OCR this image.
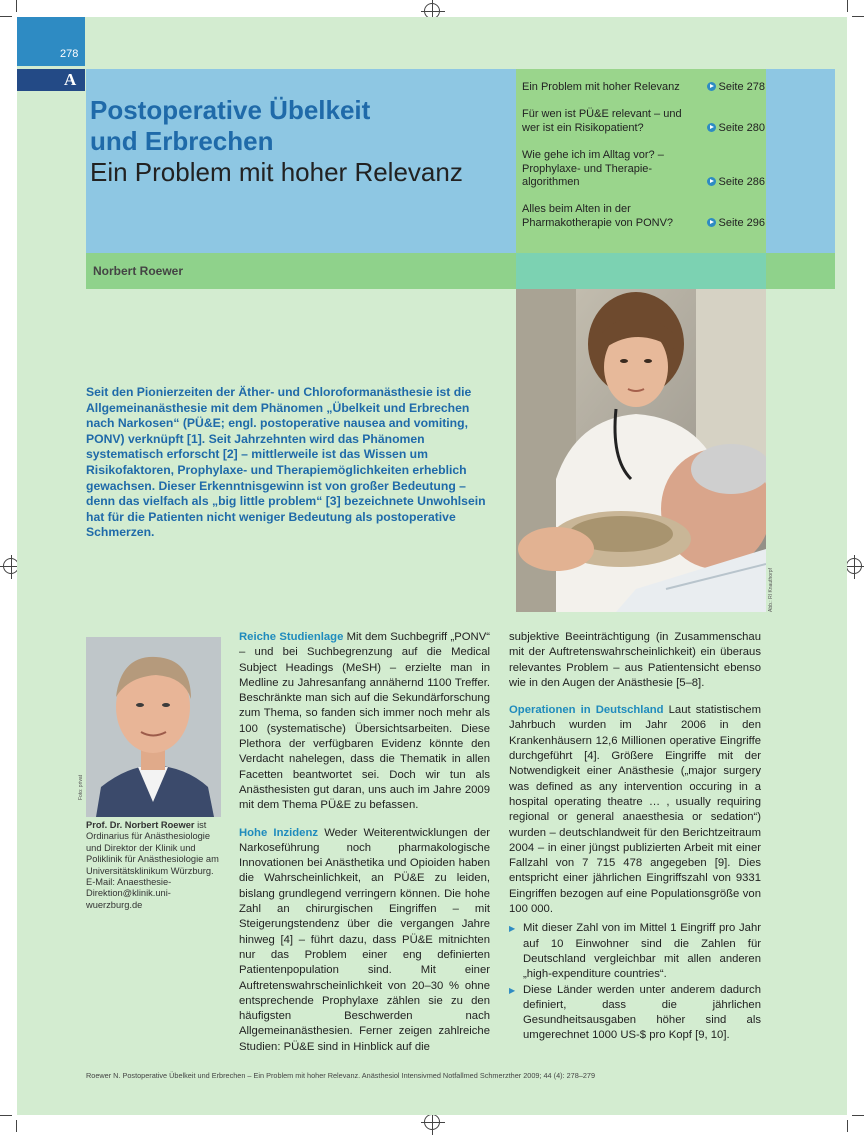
278
A
Postoperative Übelkeit
und Erbrechen
Ein Problem mit hoher Relevanz
Ein Problem mit hoher Relevanz	Seite 278
Für wen ist PÜ&E relevant – und wer ist ein Risikopatient?	Seite 280
Wie gehe ich im Alltag vor? – Prophylaxe- und Therapie-algorithmen	Seite 286
Alles beim Alten in der Pharmakotherapie von PONV?	Seite 296
Norbert Roewer
Abb.: RI Knauthorpf
Seit den Pionierzeiten der Äther- und Chloroformanästhesie ist die Allgemeinanästhesie mit dem Phänomen „Übelkeit und Erbrechen nach Narkosen“ (PÜ&E; engl. postoperative nausea and vomiting, PONV) verknüpft [1]. Seit Jahrzehnten wird das Phänomen systematisch erforscht [2] – mittlerweile ist das Wissen um Risikofaktoren, Prophylaxe- und Therapiemöglichkeiten erheblich gewachsen. Dieser Erkenntnisgewinn ist von großer Bedeutung – denn das vielfach als „big little problem“ [3] bezeichnete Unwohlsein hat für die Patienten nicht weniger Bedeutung als postoperative Schmerzen.
Foto: privat
Prof. Dr. Norbert Roewer ist Ordinarius für Anästhesiologie und Direktor der Klinik und Poliklinik für Anästhesiologie am Universitätsklinikum Würzburg. E-Mail: Anaesthesie-Direktion@klinik.uni-wuerzburg.de

Reiche Studienlage Mit dem Suchbegriff „PONV“ – und bei Suchbegrenzung auf die Medical Subject Headings (MeSH) – erzielte man in Medline zu Jahresanfang annähernd 1100 Treffer. Beschränkte man sich auf die Sekundärforschung zum Thema, so fanden sich immer noch mehr als 100 (systematische) Übersichtsarbeiten. Diese Plethora der verfügbaren Evidenz könnte den Verdacht nahelegen, dass die Thematik in allen Facetten beantwortet sei. Doch wir tun als Anästhesisten gut daran, uns auch im Jahre 2009 mit dem Thema PÜ&E zu befassen.

Hohe Inzidenz Weder Weiterentwicklungen der Narkoseführung noch pharmakologische Innovationen bei Anästhetika und Opioiden haben die Wahrscheinlichkeit, an PÜ&E zu leiden, bislang grundlegend verringern können. Die hohe Zahl an chirurgischen Eingriffen – mit Steigerungstendenz über die vergangen Jahre hinweg [4] – führt dazu, dass PÜ&E mitnichten nur das Problem einer eng definierten Patientenpopulation sind. Mit einer Auftretenswahrscheinlichkeit von 20–30 % ohne entsprechende Prophylaxe zählen sie zu den häufigsten Beschwerden nach Allgemeinanästhesien. Ferner zeigen zahlreiche Studien: PÜ&E sind in Hinblick auf die

subjektive Beeinträchtigung (in Zusammenschau mit der Auftretenswahrscheinlichkeit) ein überaus relevantes Problem – aus Patientensicht ebenso wie in den Augen der Anästhesie [5–8].

Operationen in Deutschland Laut statistischem Jahrbuch wurden im Jahr 2006 in den Krankenhäusern 12,6 Millionen operative Eingriffe durchgeführt [4]. Größere Eingriffe mit der Notwendigkeit einer Anästhesie („major surgery was defined as any intervention occuring in a hospital operating theatre … , usually requiring regional or general anaesthesia or sedation“) wurden – deutschlandweit für den Berichtzeitraum 2004 – in einer jüngst publizierten Arbeit mit einer Fallzahl von 7 715 478 angegeben [9]. Dies entspricht einer jährlichen Eingriffszahl von 9331 Eingriffen bezogen auf eine Populationsgröße von 100 000.

▶ Mit dieser Zahl von im Mittel 1 Eingriff pro Jahr auf 10 Einwohner sind die Zahlen für Deutschland vergleichbar mit allen anderen „high-expenditure countries“.
▶ Diese Länder werden unter anderem dadurch definiert, dass die jährlichen Gesundheitsausgaben höher sind als umgerechnet 1000 US-$ pro Kopf [9, 10].
Roewer N. Postoperative Übelkeit und Erbrechen – Ein Problem mit hoher Relevanz. Anästhesiol Intensivmed Notfallmed Schmerzther 2009; 44 (4): 278–279
